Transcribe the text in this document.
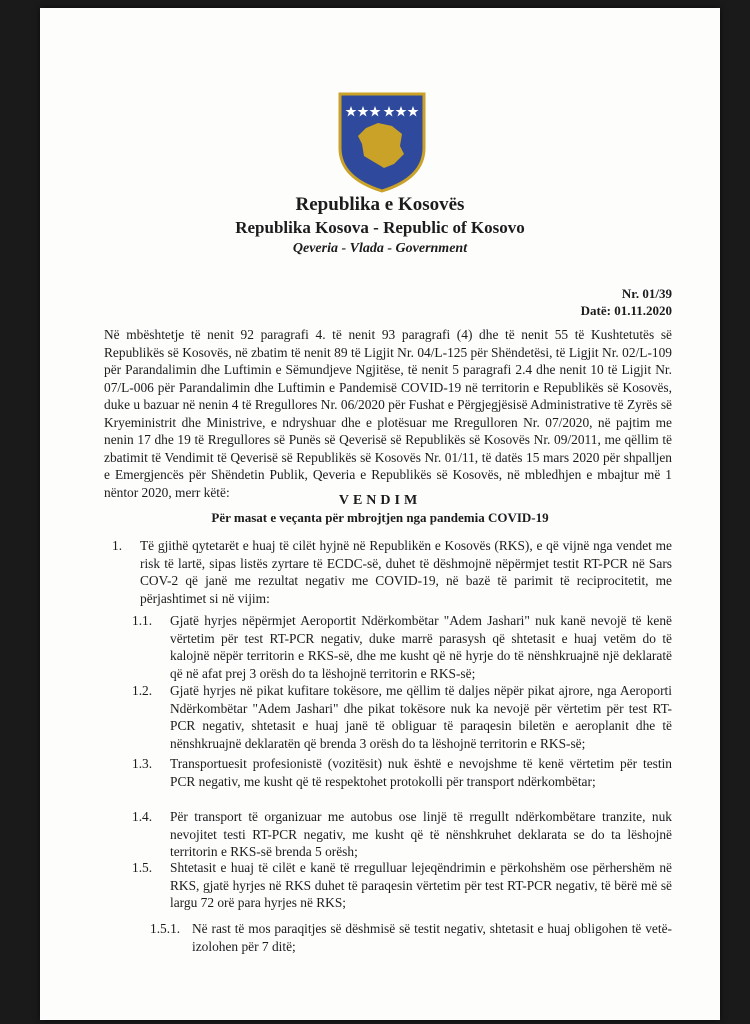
Republika e Kosovës
Republika Kosova - Republic of Kosovo
Qeveria - Vlada - Government
Nr. 01/39
Datë: 01.11.2020

Në mbështetje të nenit 92 paragrafi 4. të nenit 93 paragrafi (4) dhe të nenit 55 të Kushtetutës së Republikës së Kosovës, në zbatim të nenit 89 të Ligjit Nr. 04/L-125 për Shëndetësi, të Ligjit Nr. 02/L-109 për Parandalimin dhe Luftimin e Sëmundjeve Ngjitëse, të nenit 5 paragrafi 2.4 dhe nenit 10 të Ligjit Nr. 07/L-006 për Parandalimin dhe Luftimin e Pandemisë COVID-19 në territorin e Republikës së Kosovës, duke u bazuar në nenin 4 të Rregullores Nr. 06/2020 për Fushat e Përgjegjësisë Administrative të Zyrës së Kryeministrit dhe Ministrive, e ndryshuar dhe e plotësuar me Rregulloren Nr. 07/2020, në pajtim me nenin 17 dhe 19 të Rregullores së Punës së Qeverisë së Republikës së Kosovës Nr. 09/2011, me qëllim të zbatimit të Vendimit të Qeverisë së Republikës së Kosovës Nr. 01/11, të datës 15 mars 2020 për shpalljen e Emergjencës për Shëndetin Publik, Qeveria e Republikës së Kosovës, në mbledhjen e mbajtur më 1 nëntor 2020, merr këtë:

VENDIM
Për masat e veçanta për mbrojtjen nga pandemia COVID-19
1. Të gjithë qytetarët e huaj të cilët hyjnë në Republikën e Kosovës (RKS), e që vijnë nga vendet me risk të lartë, sipas listës zyrtare të ECDC-së, duhet të dëshmojnë nëpërmjet testit RT-PCR në Sars COV-2 që janë me rezultat negativ me COVID-19, në bazë të parimit të reciprocitetit, me përjashtimet si në vijim:

1.1. Gjatë hyrjes nëpërmjet Aeroportit Ndërkombëtar "Adem Jashari" nuk kanë nevojë të kenë vërtetim për test RT-PCR negativ, duke marrë parasysh që shtetasit e huaj vetëm do të kalojnë nëpër territorin e RKS-së, dhe me kusht që në hyrje do të nënshkruajnë një deklaratë që në afat prej 3 orësh do ta lëshojnë territorin e RKS-së;

1.2. Gjatë hyrjes në pikat kufitare tokësore, me qëllim të daljes nëpër pikat ajrore, nga Aeroporti Ndërkombëtar "Adem Jashari" dhe pikat tokësore nuk ka nevojë për vërtetim për test RT- PCR negativ, shtetasit e huaj janë të obliguar të paraqesin biletën e aeroplanit dhe të nënshkruajnë deklaratën që brenda 3 orësh do ta lëshojnë territorin e RKS-së;

1.3. Transportuesit profesionistë (vozitësit) nuk është e nevojshme të kenë vërtetim për testin PCR negativ, me kusht që të respektohet protokolli për transport ndërkombëtar;

1.4. Për transport të organizuar me autobus ose linjë të rregullt ndërkombëtare tranzite, nuk nevojitet testi RT-PCR negativ, me kusht që të nënshkruhet deklarata se do ta lëshojnë territorin e RKS-së brenda 5 orësh;

1.5. Shtetasit e huaj të cilët e kanë të rregulluar lejeqëndrimin e përkohshëm ose përhershëm në RKS, gjatë hyrjes në RKS duhet të paraqesin vërtetim për test RT-PCR negativ, të bërë më së largu 72 orë para hyrjes në RKS;

1.5.1. Në rast të mos paraqitjes së dëshmisë së testit negativ, shtetasit e huaj obligohen të vetë-izolohen për 7 ditë;
